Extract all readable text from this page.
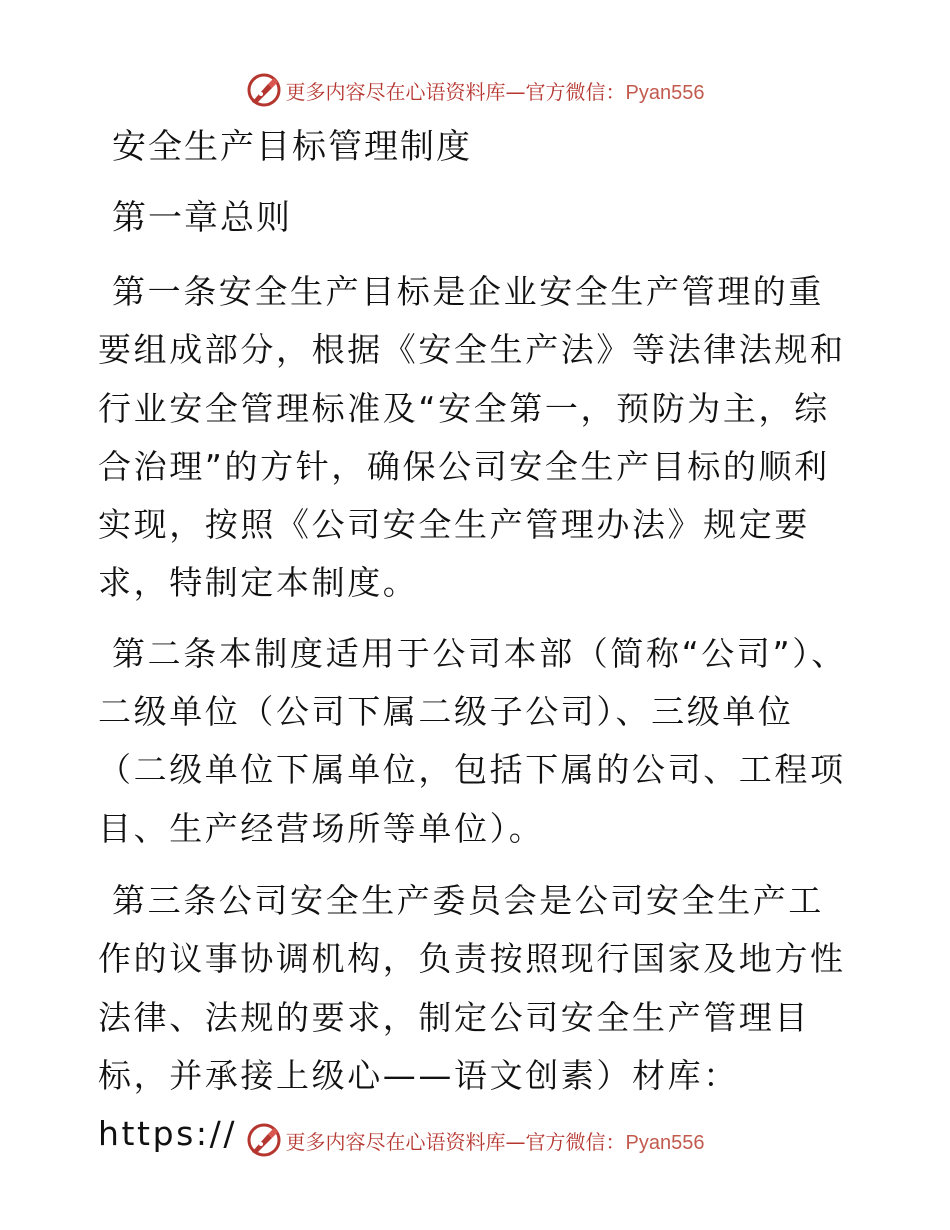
更多内容尽在心语资料库—官方微信：Pyan556

安全生产目标管理制度

第一章总则

第一条安全生产目标是企业安全生产管理的重要组成部分，根据《安全生产法》等法律法规和行业安全管理标准及“安全第一，预防为主，综合治理”的方针，确保公司安全生产目标的顺利实现，按照《公司安全生产管理办法》规定要求，特制定本制度。

第二条本制度适用于公司本部（简称“公司”）、二级单位（公司下属二级子公司）、三级单位（二级单位下属单位，包括下属的公司、工程项目、生产经营场所等单位）。

第三条公司安全生产委员会是公司安全生产工作的议事协调机构，负责按照现行国家及地方性法律、法规的要求，制定公司安全生产管理目标，并承接上级心——语文创素）材库：https://	更多内容尽在心语资料库—官方微信：Pyan556
